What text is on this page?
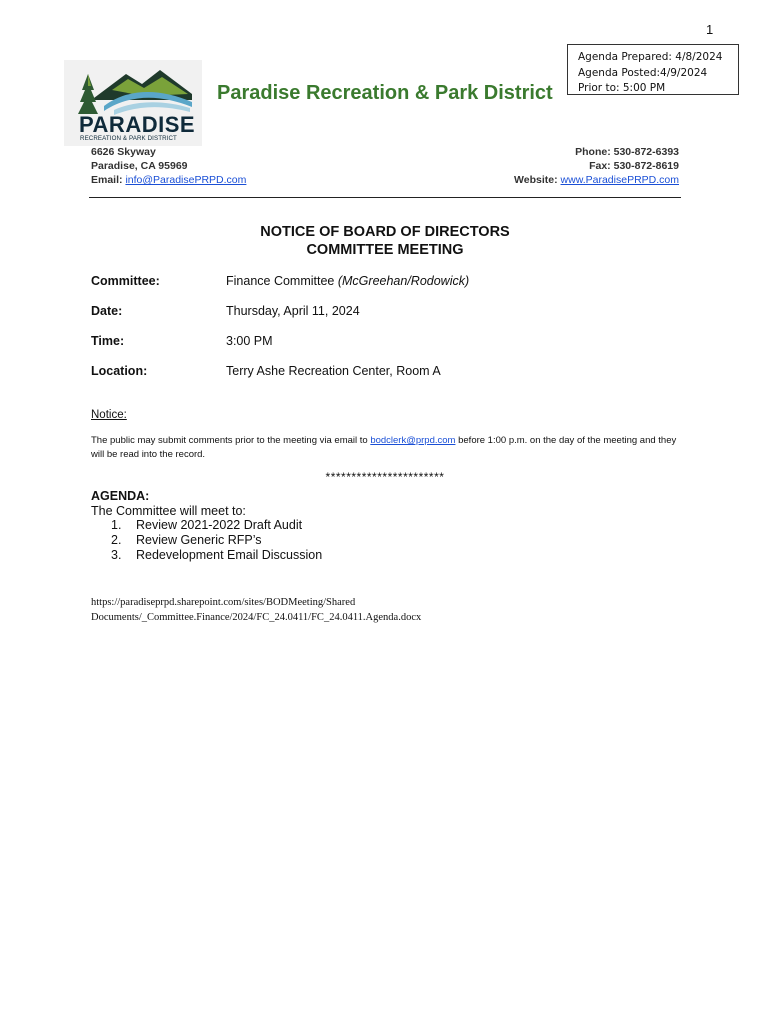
1
Agenda Prepared: 4/8/2024
Agenda Posted:4/9/2024
Prior to: 5:00 PM
PARADISE
RECREATION & PARK DISTRICT
Paradise Recreation & Park District
6626 Skyway
Paradise, CA 95969
Email: info@ParadisePRPD.com
Phone: 530-872-6393
Fax: 530-872-8619
Website: www.ParadisePRPD.com
NOTICE OF BOARD OF DIRECTORS
COMMITTEE MEETING
Committee:	Finance Committee (McGreehan/Rodowick)
Date:	Thursday, April 11, 2024
Time:	3:00 PM
Location:	Terry Ashe Recreation Center, Room A
Notice:
The public may submit comments prior to the meeting via email to bodclerk@prpd.com before 1:00 p.m. on the day of the meeting and they will be read into the record.
***********************
AGENDA:
The Committee will meet to:
1. Review 2021-2022 Draft Audit
2. Review Generic RFP’s
3. Redevelopment Email Discussion
https://paradiseprpd.sharepoint.com/sites/BODMeeting/Shared
Documents/_Committee.Finance/2024/FC_24.0411/FC_24.0411.Agenda.docx
